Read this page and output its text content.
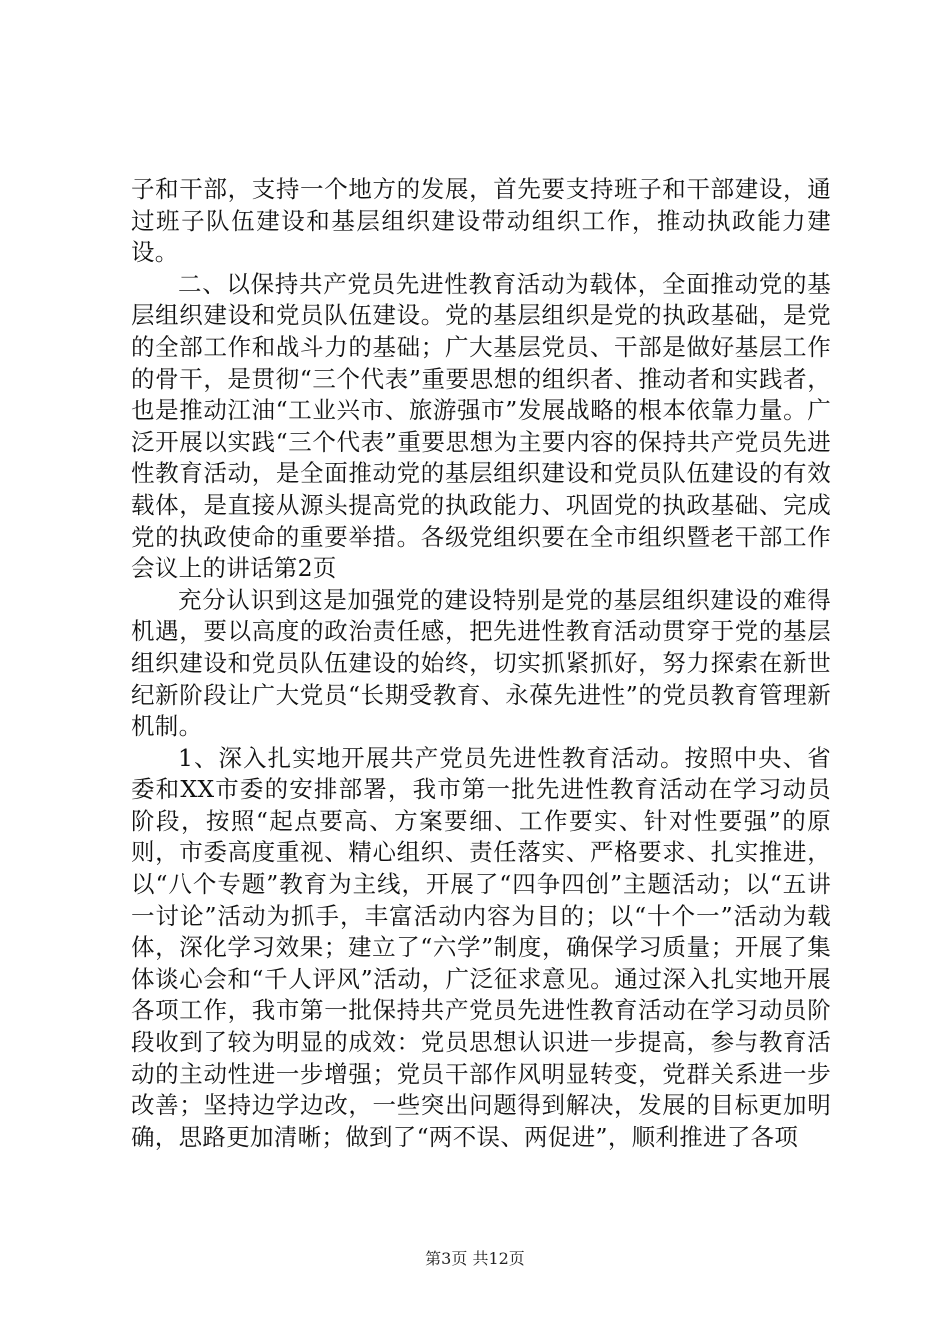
子和干部，支持一个地方的发展，首先要支持班子和干部建设，通过班子队伍建设和基层组织建设带动组织工作，推动执政能力建设。

二、以保持共产党员先进性教育活动为载体，全面推动党的基层组织建设和党员队伍建设。党的基层组织是党的执政基础，是党的全部工作和战斗力的基础；广大基层党员、干部是做好基层工作的骨干，是贯彻“三个代表”重要思想的组织者、推动者和实践者，也是推动江油“工业兴市、旅游强市”发展战略的根本依靠力量。广泛开展以实践“三个代表”重要思想为主要内容的保持共产党员先进性教育活动，是全面推动党的基层组织建设和党员队伍建设的有效载体，是直接从源头提高党的执政能力、巩固党的执政基础、完成党的执政使命的重要举措。各级党组织要在全市组织暨老干部工作会议上的讲话第2页

充分认识到这是加强党的建设特别是党的基层组织建设的难得机遇，要以高度的政治责任感，把先进性教育活动贯穿于党的基层组织建设和党员队伍建设的始终，切实抓紧抓好，努力探索在新世纪新阶段让广大党员“长期受教育、永葆先进性”的党员教育管理新机制。

1、深入扎实地开展共产党员先进性教育活动。按照中央、省委和XX市委的安排部署，我市第一批先进性教育活动在学习动员阶段，按照“起点要高、方案要细、工作要实、针对性要强”的原则，市委高度重视、精心组织、责任落实、严格要求、扎实推进，以“八个专题”教育为主线，开展了“四争四创”主题活动；以“五讲一讨论”活动为抓手，丰富活动内容为目的；以“十个一”活动为载体，深化学习效果；建立了“六学”制度，确保学习质量；开展了集体谈心会和“千人评风”活动，广泛征求意见。通过深入扎实地开展各项工作，我市第一批保持共产党员先进性教育活动在学习动员阶段收到了较为明显的成效：党员思想认识进一步提高，参与教育活动的主动性进一步增强；党员干部作风明显转变，党群关系进一步改善；坚持边学边改，一些突出问题得到解决，发展的目标更加明确，思路更加清晰；做到了“两不误、两促进”，顺利推进了各项

第3页 共12页
